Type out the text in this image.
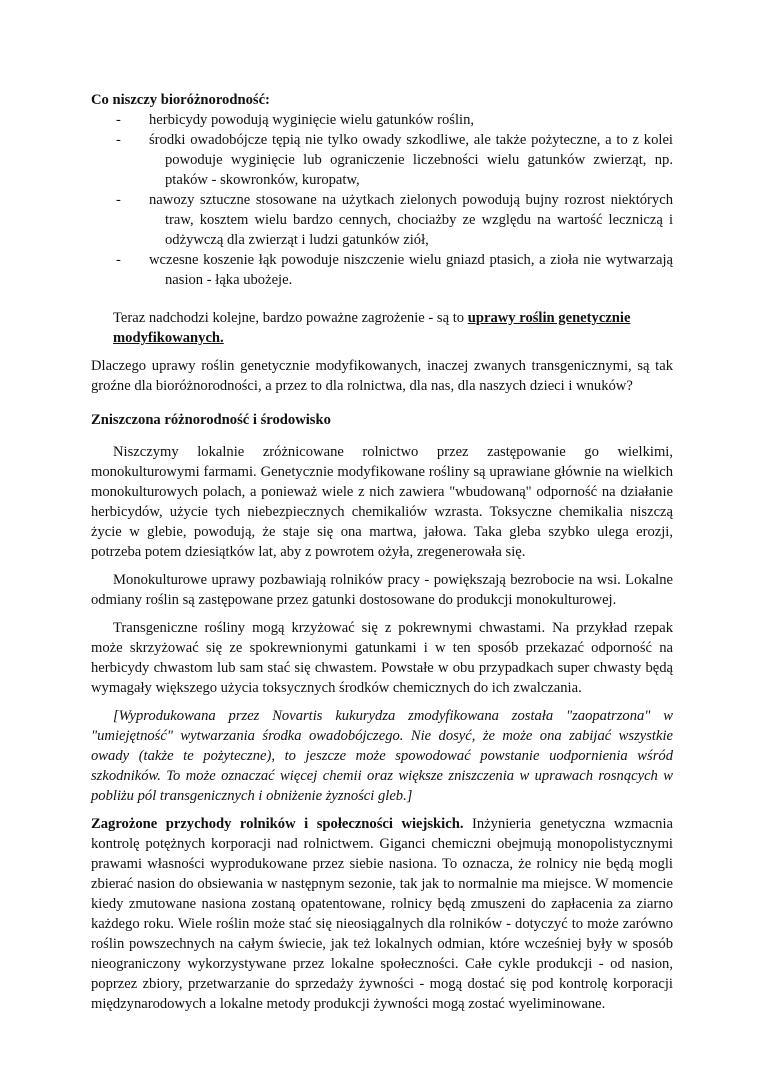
Co niszczy bioróżnorodność:
- herbicydy powodują wyginięcie wielu gatunków roślin,
- środki owadobójcze tępią nie tylko owady szkodliwe, ale także pożyteczne, a to z kolei powoduje wyginięcie lub ograniczenie liczebności wielu gatunków zwierząt, np. ptaków - skowronków, kuropatw,
- nawozy sztuczne stosowane na użytkach zielonych powodują bujny rozrost niektórych traw, kosztem wielu bardzo cennych, chociażby ze względu na wartość leczniczą i odżywczą dla zwierząt i ludzi gatunków ziół,
- wczesne koszenie łąk powoduje niszczenie wielu gniazd ptasich, a zioła nie wytwarzają nasion - łąka ubożeje.

Teraz nadchodzi kolejne, bardzo poważne zagrożenie - są to uprawy roślin genetycznie modyfikowanych.

Dlaczego uprawy roślin genetycznie modyfikowanych, inaczej zwanych transgenicznymi, są tak groźne dla bioróżnorodności, a przez to dla rolnictwa, dla nas, dla naszych dzieci i wnuków?

Zniszczona różnorodność i środowisko

Niszczymy lokalnie zróżnicowane rolnictwo przez zastępowanie go wielkimi, monokulturowymi farmami. Genetycznie modyfikowane rośliny są uprawiane głównie na wielkich monokulturowych polach, a ponieważ wiele z nich zawiera "wbudowaną" odporność na działanie herbicydów, użycie tych niebezpiecznych chemikaliów wzrasta. Toksyczne chemikalia niszczą życie w glebie, powodują, że staje się ona martwa, jałowa. Taka gleba szybko ulega erozji, potrzeba potem dziesiątków lat, aby z powrotem ożyła, zregenerowała się.

Monokulturowe uprawy pozbawiają rolników pracy - powiększają bezrobocie na wsi. Lokalne odmiany roślin są zastępowane przez gatunki dostosowane do produkcji monokulturowej.

Transgeniczne rośliny mogą krzyżować się z pokrewnymi chwastami. Na przykład rzepak może skrzyżować się ze spokrewnionymi gatunkami i w ten sposób przekazać odporność na herbicydy chwastom lub sam stać się chwastem. Powstałe w obu przypadkach super chwasty będą wymagały większego użycia toksycznych środków chemicznych do ich zwalczania.

[Wyprodukowana przez Novartis kukurydza zmodyfikowana została "zaopatrzona" w "umiejętność" wytwarzania środka owadobójczego. Nie dosyć, że może ona zabijać wszystkie owady (także te pożyteczne), to jeszcze może spowodować powstanie uodpornienia wśród szkodników. To może oznaczać więcej chemii oraz większe zniszczenia w uprawach rosnących w pobliżu pól transgenicznych i obniżenie żyzności gleb.]

Zagrożone przychody rolników i społeczności wiejskich. Inżynieria genetyczna wzmacnia kontrolę potężnych korporacji nad rolnictwem. Giganci chemiczni obejmują monopolistycznymi prawami własności wyprodukowane przez siebie nasiona. To oznacza, że rolnicy nie będą mogli zbierać nasion do obsiewania w następnym sezonie, tak jak to normalnie ma miejsce. W momencie kiedy zmutowane nasiona zostaną opatentowane, rolnicy będą zmuszeni do zapłacenia za ziarno każdego roku. Wiele roślin może stać się nieosiągalnych dla rolników - dotyczyć to może zarówno roślin powszechnych na całym świecie, jak też lokalnych odmian, które wcześniej były w sposób nieograniczony wykorzystywane przez lokalne społeczności. Całe cykle produkcji - od nasion, poprzez zbiory, przetwarzanie do sprzedaży żywności - mogą dostać się pod kontrolę korporacji międzynarodowych a lokalne metody produkcji żywności mogą zostać wyeliminowane.
